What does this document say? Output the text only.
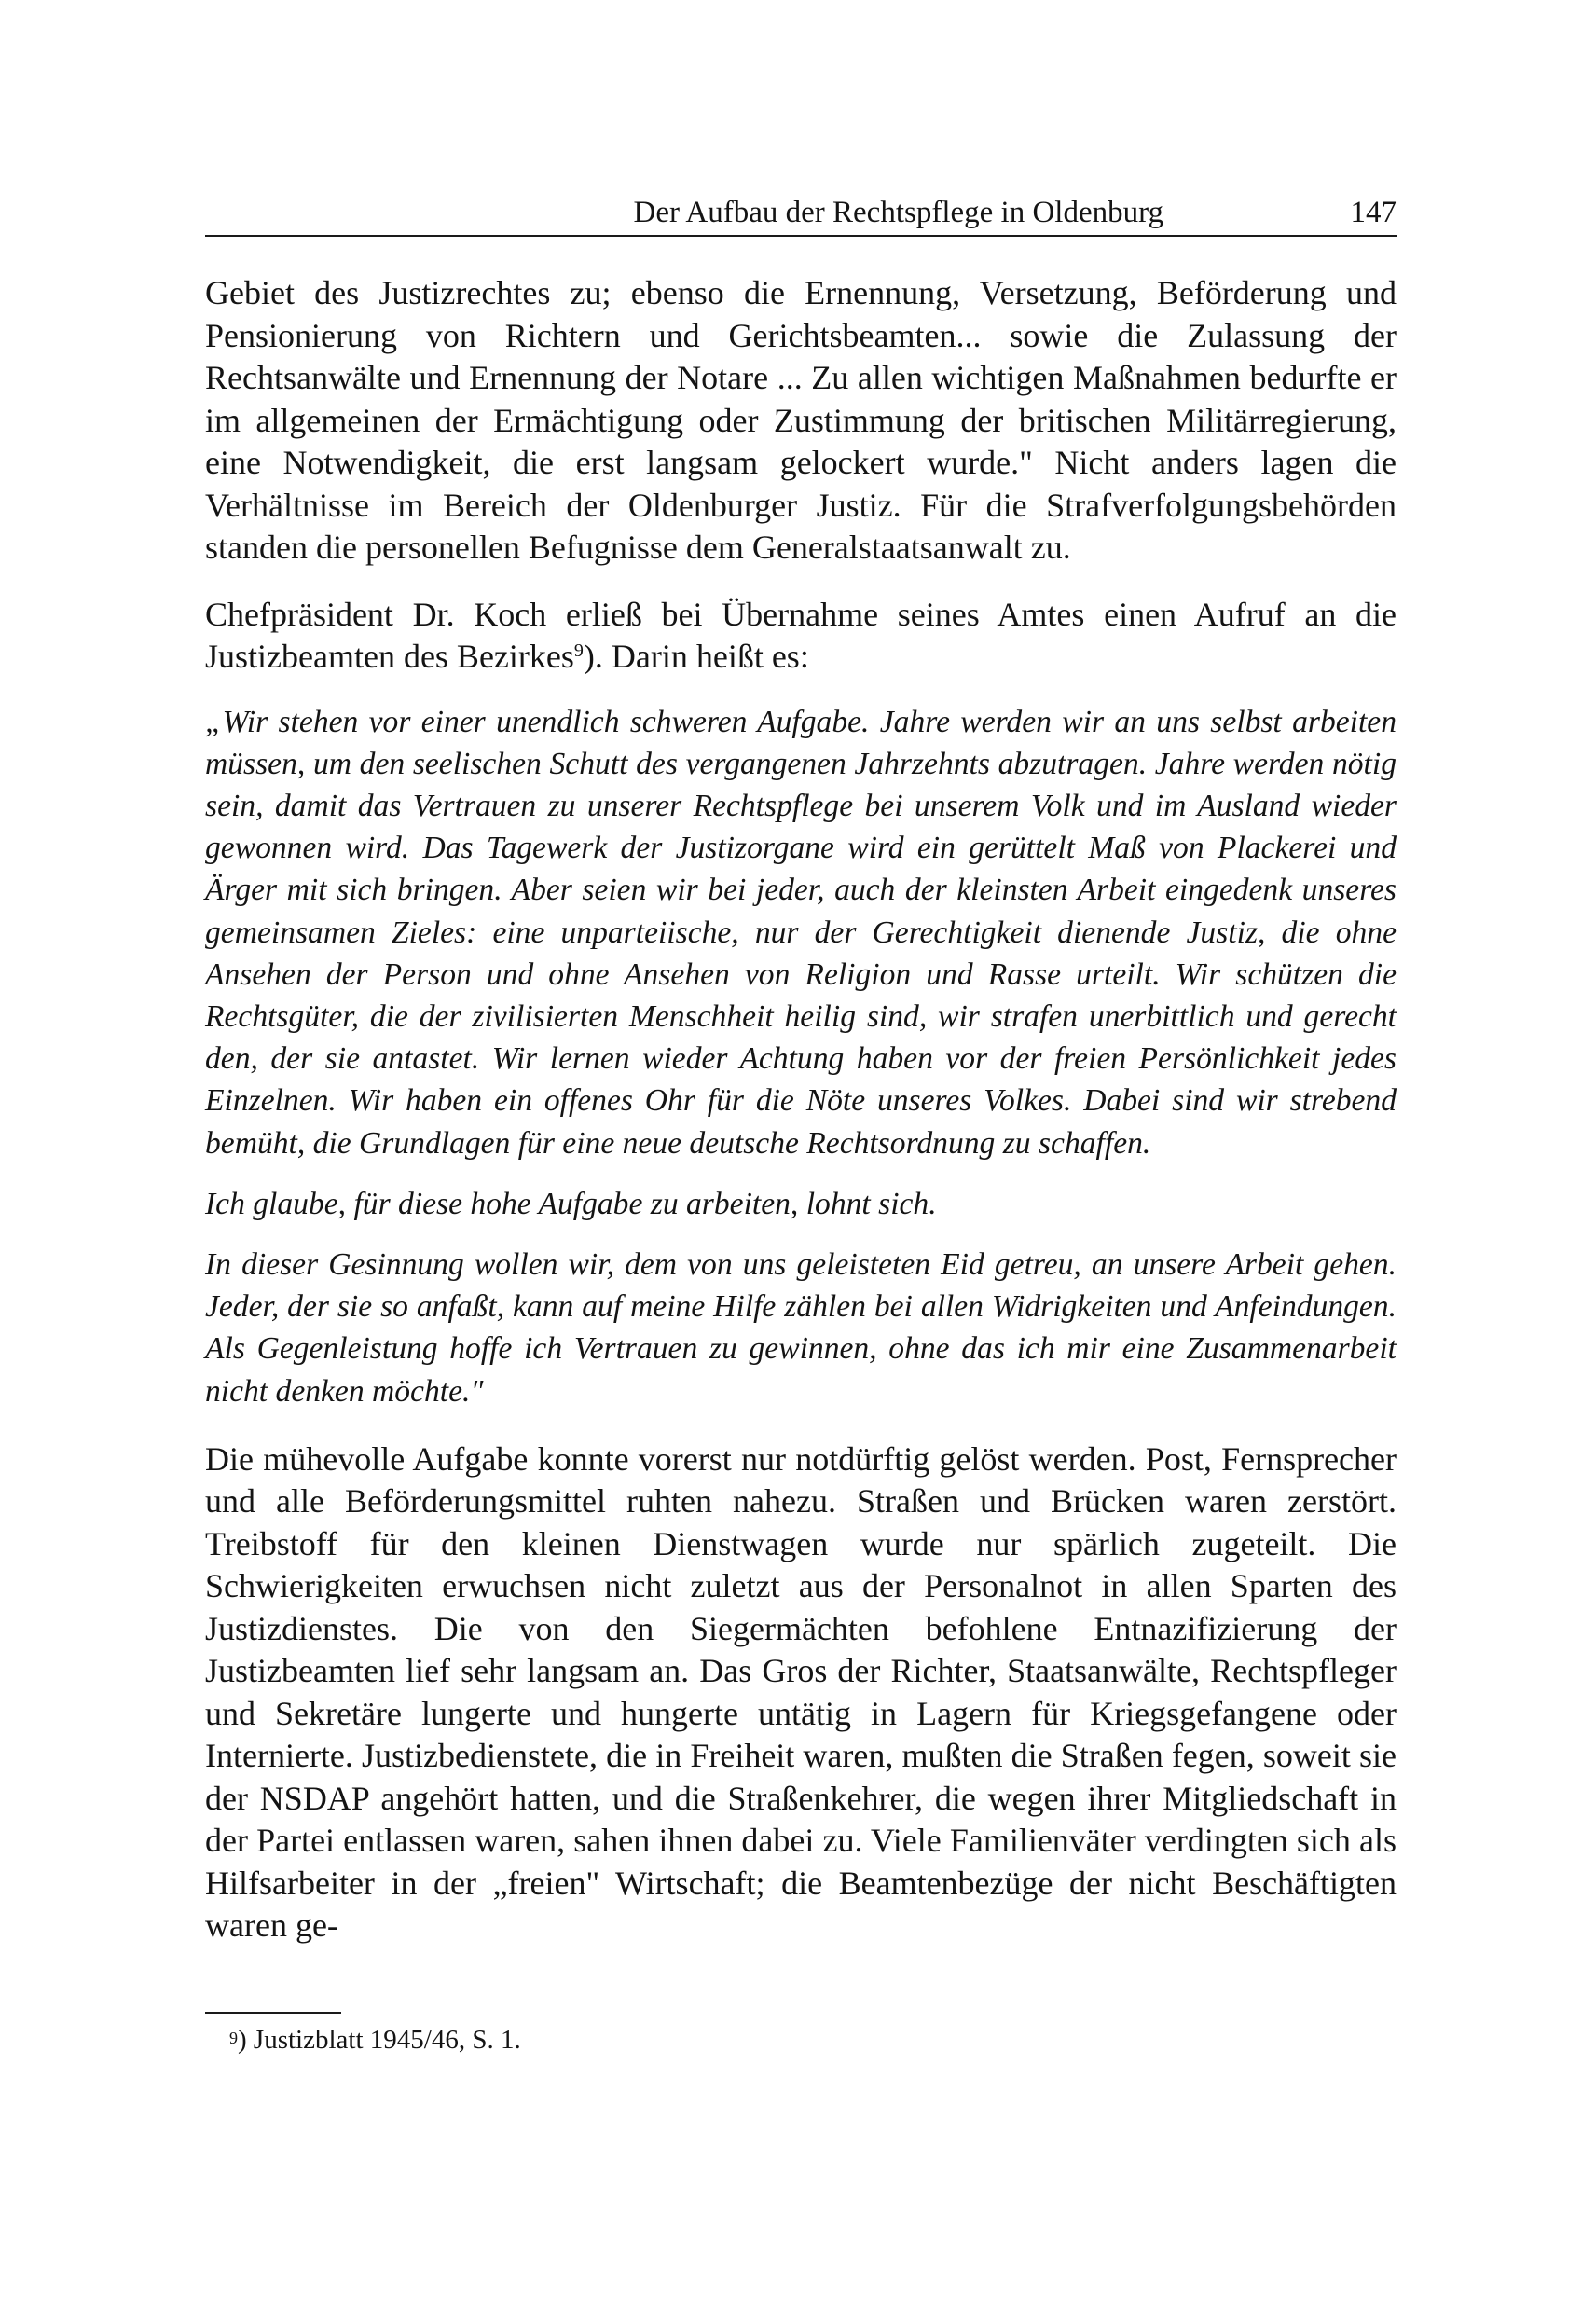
Der Aufbau der Rechtspflege in Oldenburg	147

Gebiet des Justizrechtes zu; ebenso die Ernennung, Versetzung, Beförderung und Pensionierung von Richtern und Gerichtsbeamten... sowie die Zulassung der Rechtsanwälte und Ernennung der Notare ... Zu allen wichtigen Maßnahmen bedurfte er im allgemeinen der Ermächtigung oder Zustimmung der britischen Militärregierung, eine Notwendigkeit, die erst langsam gelockert wurde." Nicht anders lagen die Verhältnisse im Bereich der Oldenburger Justiz. Für die Strafverfolgungsbehörden standen die personellen Befugnisse dem Generalstaatsanwalt zu.

Chefpräsident Dr. Koch erließ bei Übernahme seines Amtes einen Aufruf an die Justizbeamten des Bezirkes$^9$). Darin heißt es:

„Wir stehen vor einer unendlich schweren Aufgabe. Jahre werden wir an uns selbst arbeiten müssen, um den seelischen Schutt des vergangenen Jahrzehnts abzutragen. Jahre werden nötig sein, damit das Vertrauen zu unserer Rechtspflege bei unserem Volk und im Ausland wieder gewonnen wird. Das Tagewerk der Justizorgane wird ein gerüttelt Maß von Plackerei und Ärger mit sich bringen. Aber seien wir bei jeder, auch der kleinsten Arbeit eingedenk unseres gemeinsamen Zieles: eine unparteiische, nur der Gerechtigkeit dienende Justiz, die ohne Ansehen der Person und ohne Ansehen von Religion und Rasse urteilt. Wir schützen die Rechtsgüter, die der zivilisierten Menschheit heilig sind, wir strafen unerbittlich und gerecht den, der sie antastet. Wir lernen wieder Achtung haben vor der freien Persönlichkeit jedes Einzelnen. Wir haben ein offenes Ohr für die Nöte unseres Volkes. Dabei sind wir strebend bemüht, die Grundlagen für eine neue deutsche Rechtsordnung zu schaffen.

Ich glaube, für diese hohe Aufgabe zu arbeiten, lohnt sich.

In dieser Gesinnung wollen wir, dem von uns geleisteten Eid getreu, an unsere Arbeit gehen. Jeder, der sie so anfaßt, kann auf meine Hilfe zählen bei allen Widrigkeiten und Anfeindungen. Als Gegenleistung hoffe ich Vertrauen zu gewinnen, ohne das ich mir eine Zusammenarbeit nicht denken möchte."

Die mühevolle Aufgabe konnte vorerst nur notdürftig gelöst werden. Post, Fernsprecher und alle Beförderungsmittel ruhten nahezu. Straßen und Brücken waren zerstört. Treibstoff für den kleinen Dienstwagen wurde nur spärlich zugeteilt. Die Schwierigkeiten erwuchsen nicht zuletzt aus der Personalnot in allen Sparten des Justizdienstes. Die von den Siegermächten befohlene Entnazifizierung der Justizbeamten lief sehr langsam an. Das Gros der Richter, Staatsanwälte, Rechtspfleger und Sekretäre lungerte und hungerte untätig in Lagern für Kriegsgefangene oder Internierte. Justizbedienstete, die in Freiheit waren, mußten die Straßen fegen, soweit sie der NSDAP angehört hatten, und die Straßenkehrer, die wegen ihrer Mitgliedschaft in der Partei entlassen waren, sahen ihnen dabei zu. Viele Familienväter verdingten sich als Hilfsarbeiter in der „freien" Wirtschaft; die Beamtenbezüge der nicht Beschäftigten waren ge-

$^9$) Justizblatt 1945/46, S. 1.
